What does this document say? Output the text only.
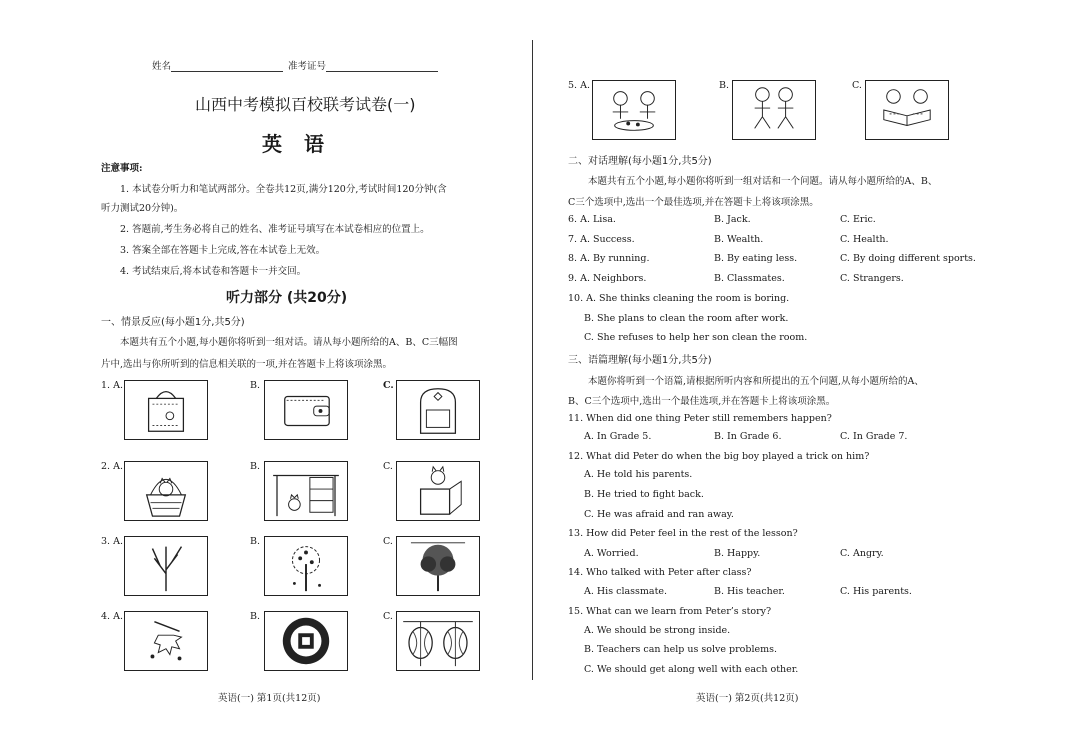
姓名	准考证号
山西中考模拟百校联考试卷(一)
英语
注意事项:
1. 本试卷分听力和笔试两部分。全卷共12页,满分120分,考试时间120分钟(含
听力测试20分钟)。
2. 答题前,考生务必将自己的姓名、准考证号填写在本试卷相应的位置上。
3. 答案全部在答题卡上完成,答在本试卷上无效。
4. 考试结束后,将本试卷和答题卡一并交回。
听力部分 (共20分)
一、情景反应(每小题1分,共5分)
本题共有五个小题,每小题你将听到一组对话。请从每小题所给的A、B、C三幅图
片中,选出与你所听到的信息相关联的一项,并在答题卡上将该项涂黑。
1. A.	B.	C.
2. A.	B.	C.
3. A.	B.	C.
4. A.	B.	C.
英语(一) 第1页(共12页)
5. A.	B.	C.
二、对话理解(每小题1分,共5分)
本题共有五个小题,每小题你将听到一组对话和一个问题。请从每小题所给的A、B、
C三个选项中,选出一个最佳选项,并在答题卡上将该项涂黑。
6. A. Lisa.	B. Jack.	C. Eric.
7. A. Success.	B. Wealth.	C. Health.
8. A. By running.	B. By eating less.	C. By doing different sports.
9. A. Neighbors.	B. Classmates.	C. Strangers.
10. A. She thinks cleaning the room is boring.
B. She plans to clean the room after work.
C. She refuses to help her son clean the room.
三、语篇理解(每小题1分,共5分)
本题你将听到一个语篇,请根据所听内容和所提出的五个问题,从每小题所给的A、
B、C三个选项中,选出一个最佳选项,并在答题卡上将该项涂黑。
11. When did one thing Peter still remembers happen?
A. In Grade 5.	B. In Grade 6.	C. In Grade 7.
12. What did Peter do when the big boy played a trick on him?
A. He told his parents.
B. He tried to fight back.
C. He was afraid and ran away.
13. How did Peter feel in the rest of the lesson?
A. Worried.	B. Happy.	C. Angry.
14. Who talked with Peter after class?
A. His classmate.	B. His teacher.	C. His parents.
15. What can we learn from Peter’s story?
A. We should be strong inside.
B. Teachers can help us solve problems.
C. We should get along well with each other.
英语(一) 第2页(共12页)
